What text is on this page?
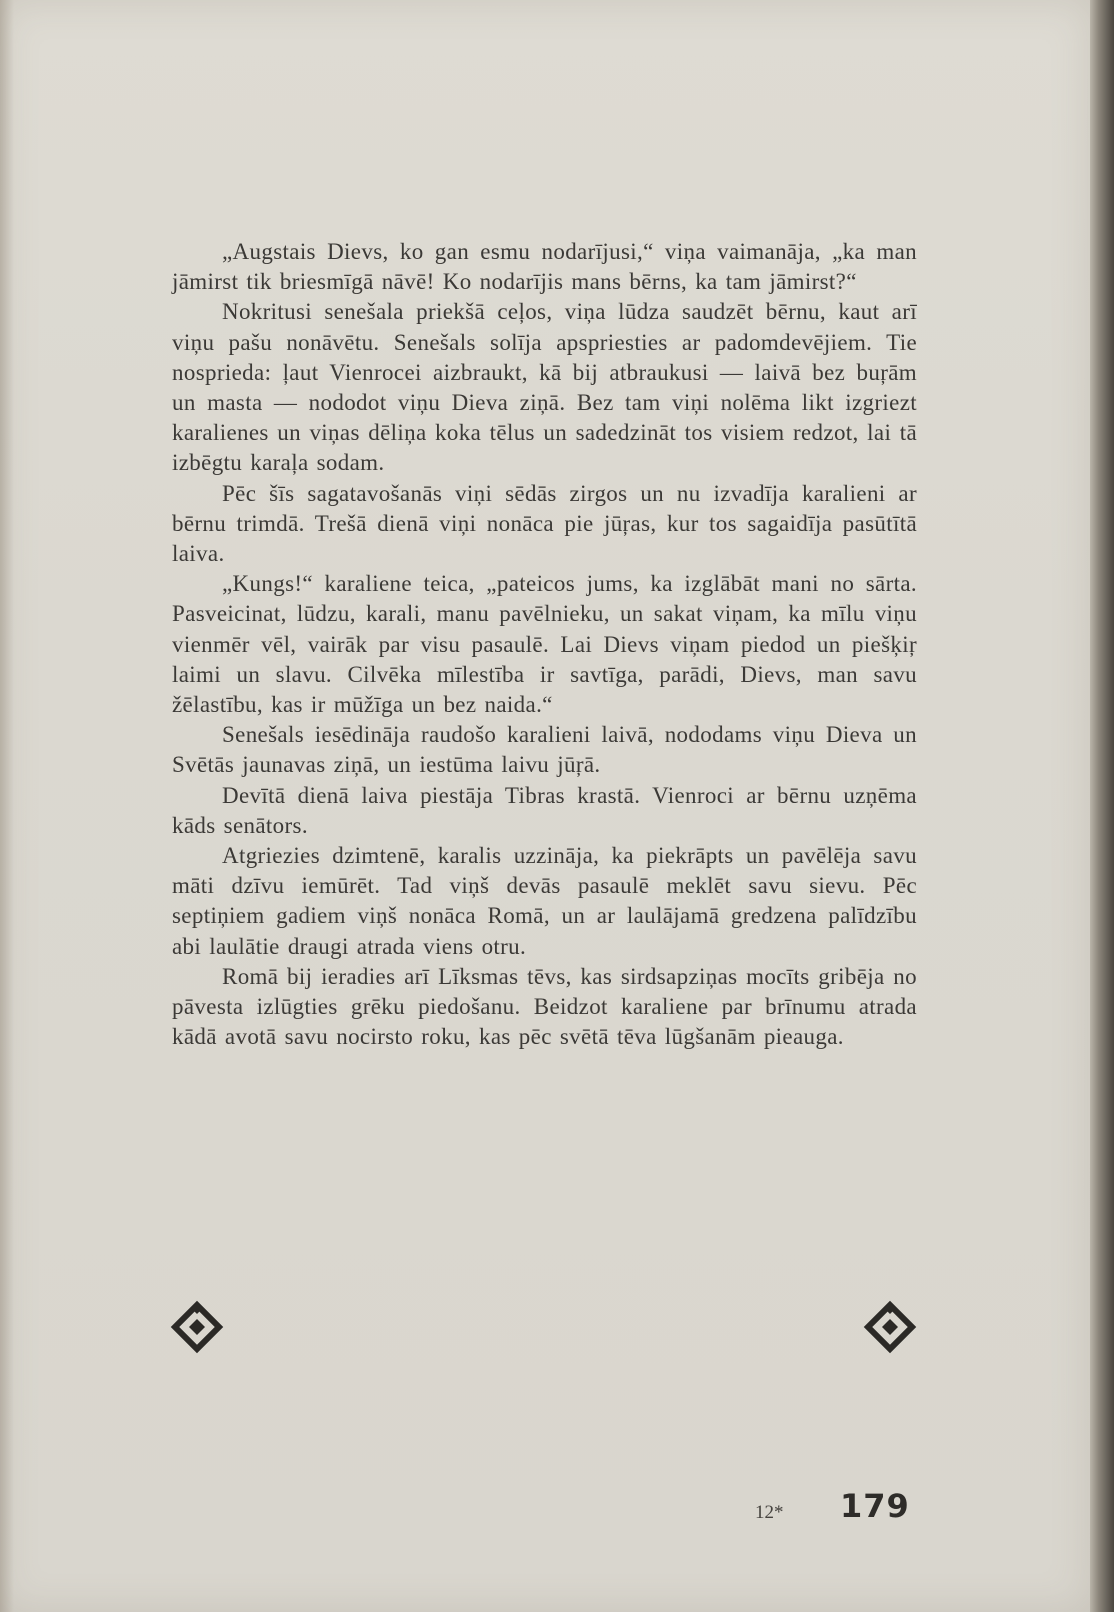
„Augstais Dievs, ko gan esmu nodarījusi,“ viņa vaimanāja, „ka man jāmirst tik briesmīgā nāvē! Ko nodarījis mans bērns, ka tam jāmirst?“

Nokritusi senešala priekšā ceļos, viņa lūdza saudzēt bērnu, kaut arī viņu pašu nonāvētu. Senešals solīja apspriesties ar padomdevējiem. Tie nosprieda: ļaut Vienrocei aizbraukt, kā bij atbraukusi — laivā bez buŗām un masta — nododot viņu Dieva ziņā. Bez tam viņi nolēma likt izgriezt karalienes un viņas dēliņa koka tēlus un sadedzināt tos visiem redzot, lai tā izbēgtu karaļa sodam.

Pēc šīs sagatavošanās viņi sēdās zirgos un nu izvadīja karalieni ar bērnu trimdā. Trešā dienā viņi nonāca pie jūŗas, kur tos sagaidīja pasūtītā laiva.

„Kungs!“ karaliene teica, „pateicos jums, ka izglābāt mani no sārta. Pasveicinat, lūdzu, karali, manu pavēlnieku, un sakat viņam, ka mīlu viņu vienmēr vēl, vairāk par visu pasaulē. Lai Dievs viņam piedod un piešķiŗ laimi un slavu. Cilvēka mīlestība ir savtīga, parādi, Dievs, man savu žēlastību, kas ir mūžīga un bez naida.“

Senešals iesēdināja raudošo karalieni laivā, nododams viņu Dieva un Svētās jaunavas ziņā, un iestūma laivu jūŗā.

Devītā dienā laiva piestāja Tibras krastā. Vienroci ar bērnu uzņēma kāds senātors.

Atgriezies dzimtenē, karalis uzzināja, ka piekrāpts un pavēlēja savu māti dzīvu iemūrēt. Tad viņš devās pasaulē meklēt savu sievu. Pēc septiņiem gadiem viņš nonāca Romā, un ar laulājamā gredzena palīdzību abi laulātie draugi atrada viens otru.

Romā bij ieradies arī Līksmas tēvs, kas sirdsapziņas mocīts gribēja no pāvesta izlūgties grēku piedošanu. Beidzot karaliene par brīnumu atrada kādā avotā savu nocirsto roku, kas pēc svētā tēva lūgšanām pieauga.

12* 179
